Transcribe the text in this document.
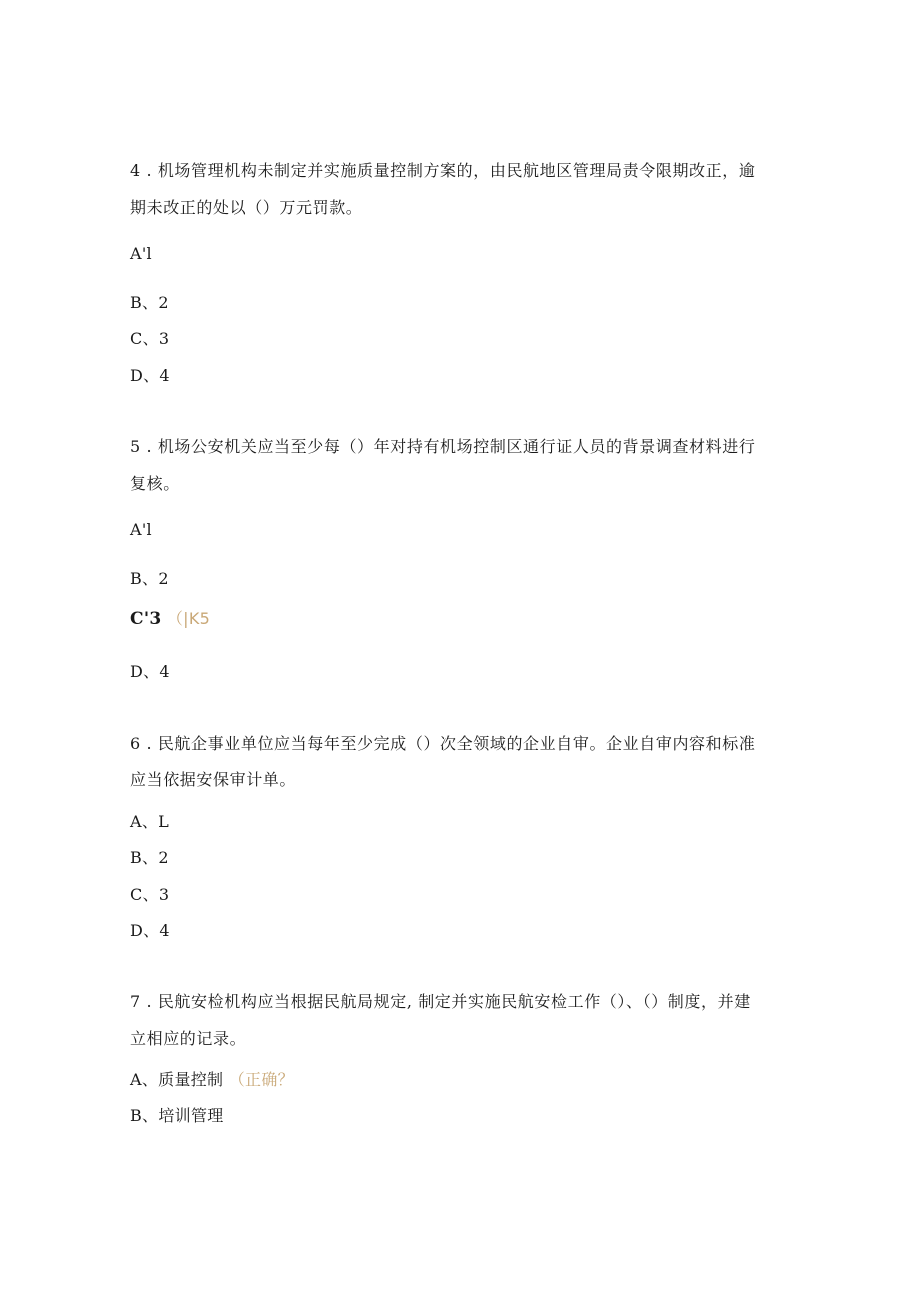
4 . 机场管理机构未制定并实施质量控制方案的，由民航地区管理局责令限期改正，逾
期未改正的处以（）万元罚款。
A'l
B、2
C、3
D、4
5 . 机场公安机关应当至少每（）年对持有机场控制区通行证人员的背景调查材料进行
复核。
A'l
B、2
C'3 （|K5
D、4
6 . 民航企事业单位应当每年至少完成（）次全领域的企业自审。企业自审内容和标准
应当依据安保审计单。
A、L
B、2
C、3
D、4
7 . 民航安检机构应当根据民航局规定, 制定并实施民航安检工作（）、（）制度，并建
立相应的记录。
A、质量控制 （正确？
B、培训管理
